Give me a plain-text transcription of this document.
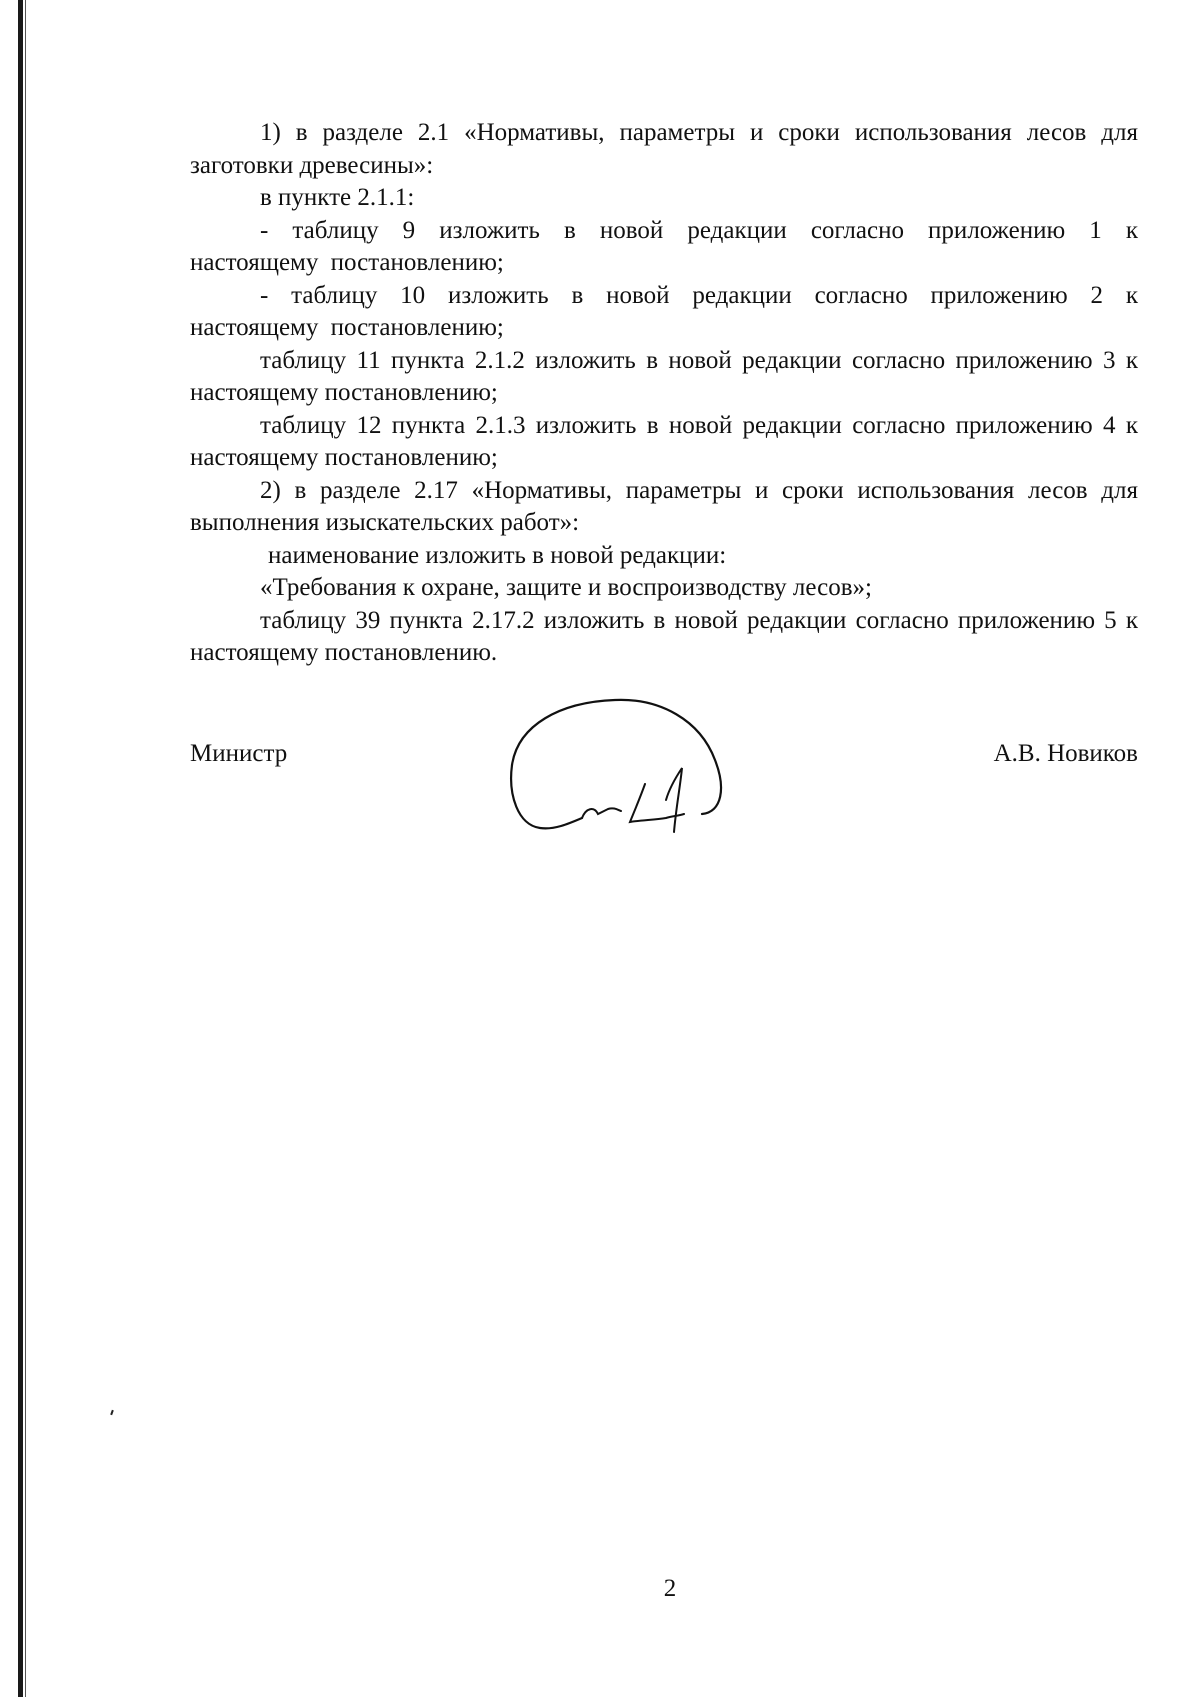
1) в разделе 2.1 «Нормативы, параметры и сроки использования лесов для заготовки древесины»:

в пункте 2.1.1:

- таблицу 9 изложить в новой редакции согласно приложению 1 к настоящему постановлению;

- таблицу 10 изложить в новой редакции согласно приложению 2 к настоящему постановлению;

таблицу 11 пункта 2.1.2 изложить в новой редакции согласно приложению 3 к настоящему постановлению;

таблицу 12 пункта 2.1.3 изложить в новой редакции согласно приложению 4 к настоящему постановлению;

2) в разделе 2.17 «Нормативы, параметры и сроки использования лесов для выполнения изыскательских работ»:

наименование изложить в новой редакции:

«Требования к охране, защите и воспроизводству лесов»;

таблицу 39 пункта 2.17.2 изложить в новой редакции согласно приложению 5 к настоящему постановлению.

Министр	А.В. Новиков
2
